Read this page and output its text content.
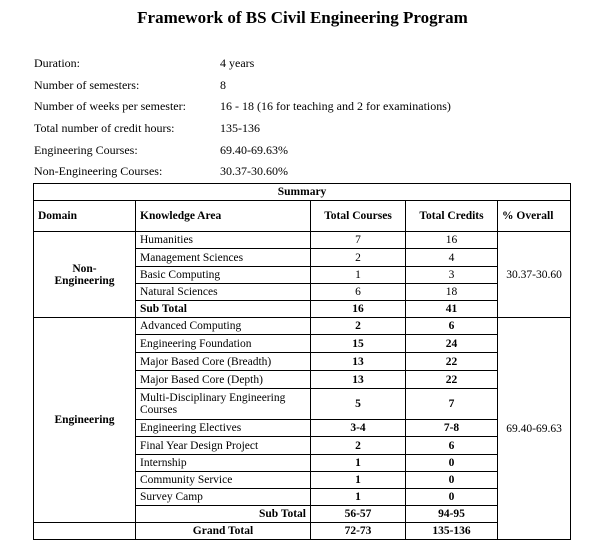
Framework of BS Civil Engineering Program
Duration:	4 years
Number of semesters:	8
Number of weeks per semester:	16 - 18 (16 for teaching and 2 for examinations)
Total number of credit hours:	135-136
Engineering Courses:	69.40-69.63%
Non-Engineering Courses:	30.37-30.60%
Summary				
Domain	Knowledge Area	Total Courses	Total Credits	% Overall
Non-
Engineering	Humanities	7	16	30.37-30.60
	Management Sciences	2	4	
	Basic Computing	1	3	
	Natural Sciences	6	18	
	Sub Total	16	41	
Engineering	Advanced Computing	2	6	69.40-69.63
	Engineering Foundation	15	24	
	Major Based Core (Breadth)	13	22	
	Major Based Core (Depth)	13	22	
	Multi-Disciplinary Engineering Courses	5	7	
	Engineering Electives	3-4	7-8	
	Final Year Design Project	2	6	
	Internship	1	0	
	Community Service	1	0	
	Survey Camp	1	0	
	Sub Total	56-57	94-95	
	Grand Total	72-73	135-136	
